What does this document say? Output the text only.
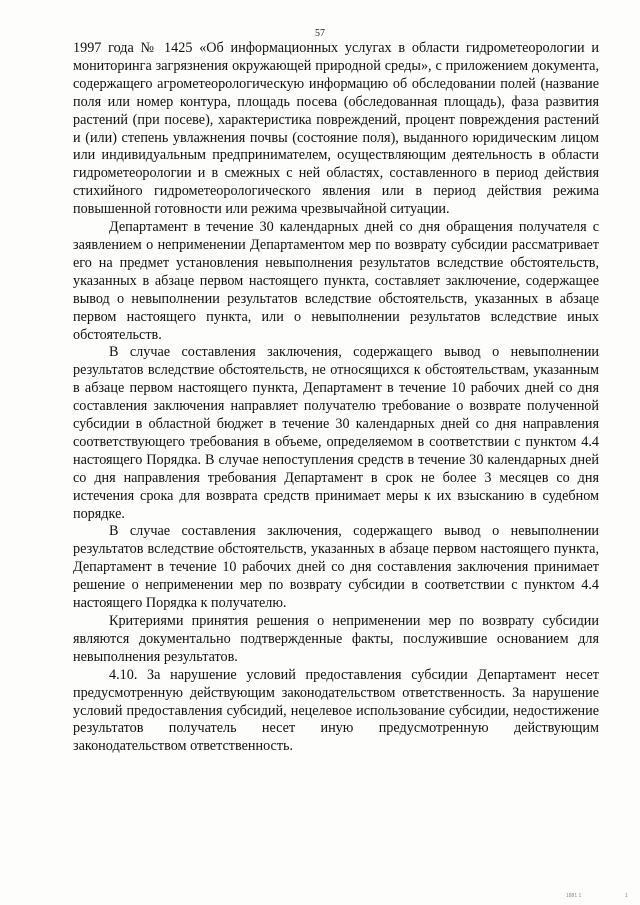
57

1997 года № 1425 «Об информационных услугах в области гидрометеорологии и мониторинга загрязнения окружающей природной среды», с приложением документа, содержащего агрометеорологическую информацию об обследовании полей (название поля или номер контура, площадь посева (обследованная площадь), фаза развития растений (при посеве), характеристика повреждений, процент повреждения растений и (или) степень увлажнения почвы (состояние поля), выданного юридическим лицом или индивидуальным предпринимателем, осуществляющим деятельность в области гидрометеорологии и в смежных с ней областях, составленного в период действия стихийного гидрометеорологического явления или в период действия режима повышенной готовности или режима чрезвычайной ситуации.

Департамент в течение 30 календарных дней со дня обращения получателя с заявлением о неприменении Департаментом мер по возврату субсидии рассматривает его на предмет установления невыполнения результатов вследствие обстоятельств, указанных в абзаце первом настоящего пункта, составляет заключение, содержащее вывод о невыполнении результатов вследствие обстоятельств, указанных в абзаце первом настоящего пункта, или о невыполнении результатов вследствие иных обстоятельств.

В случае составления заключения, содержащего вывод о невыполнении результатов вследствие обстоятельств, не относящихся к обстоятельствам, указанным в абзаце первом настоящего пункта, Департамент в течение 10 рабочих дней со дня составления заключения направляет получателю требование о возврате полученной субсидии в областной бюджет в течение 30 календарных дней со дня направления соответствующего требования в объеме, определяемом в соответствии с пунктом 4.4 настоящего Порядка. В случае непоступления средств в течение 30 календарных дней со дня направления требования Департамент в срок не более 3 месяцев со дня истечения срока для возврата средств принимает меры к их взысканию в судебном порядке.

В случае составления заключения, содержащего вывод о невыполнении результатов вследствие обстоятельств, указанных в абзаце первом настоящего пункта, Департамент в течение 10 рабочих дней со дня составления заключения принимает решение о неприменении мер по возврату субсидии в соответствии с пунктом 4.4 настоящего Порядка к получателю.

Критериями принятия решения о неприменении мер по возврату субсидии являются документально подтвержденные факты, послужившие основанием для невыполнения результатов.

4.10. За нарушение условий предоставления субсидии Департамент несет предусмотренную действующим законодательством ответственность. За нарушение условий предоставления субсидий, нецелевое использование субсидии, недостижение результатов получатель несет иную предусмотренную действующим законодательством ответственность.

1881 1	1
